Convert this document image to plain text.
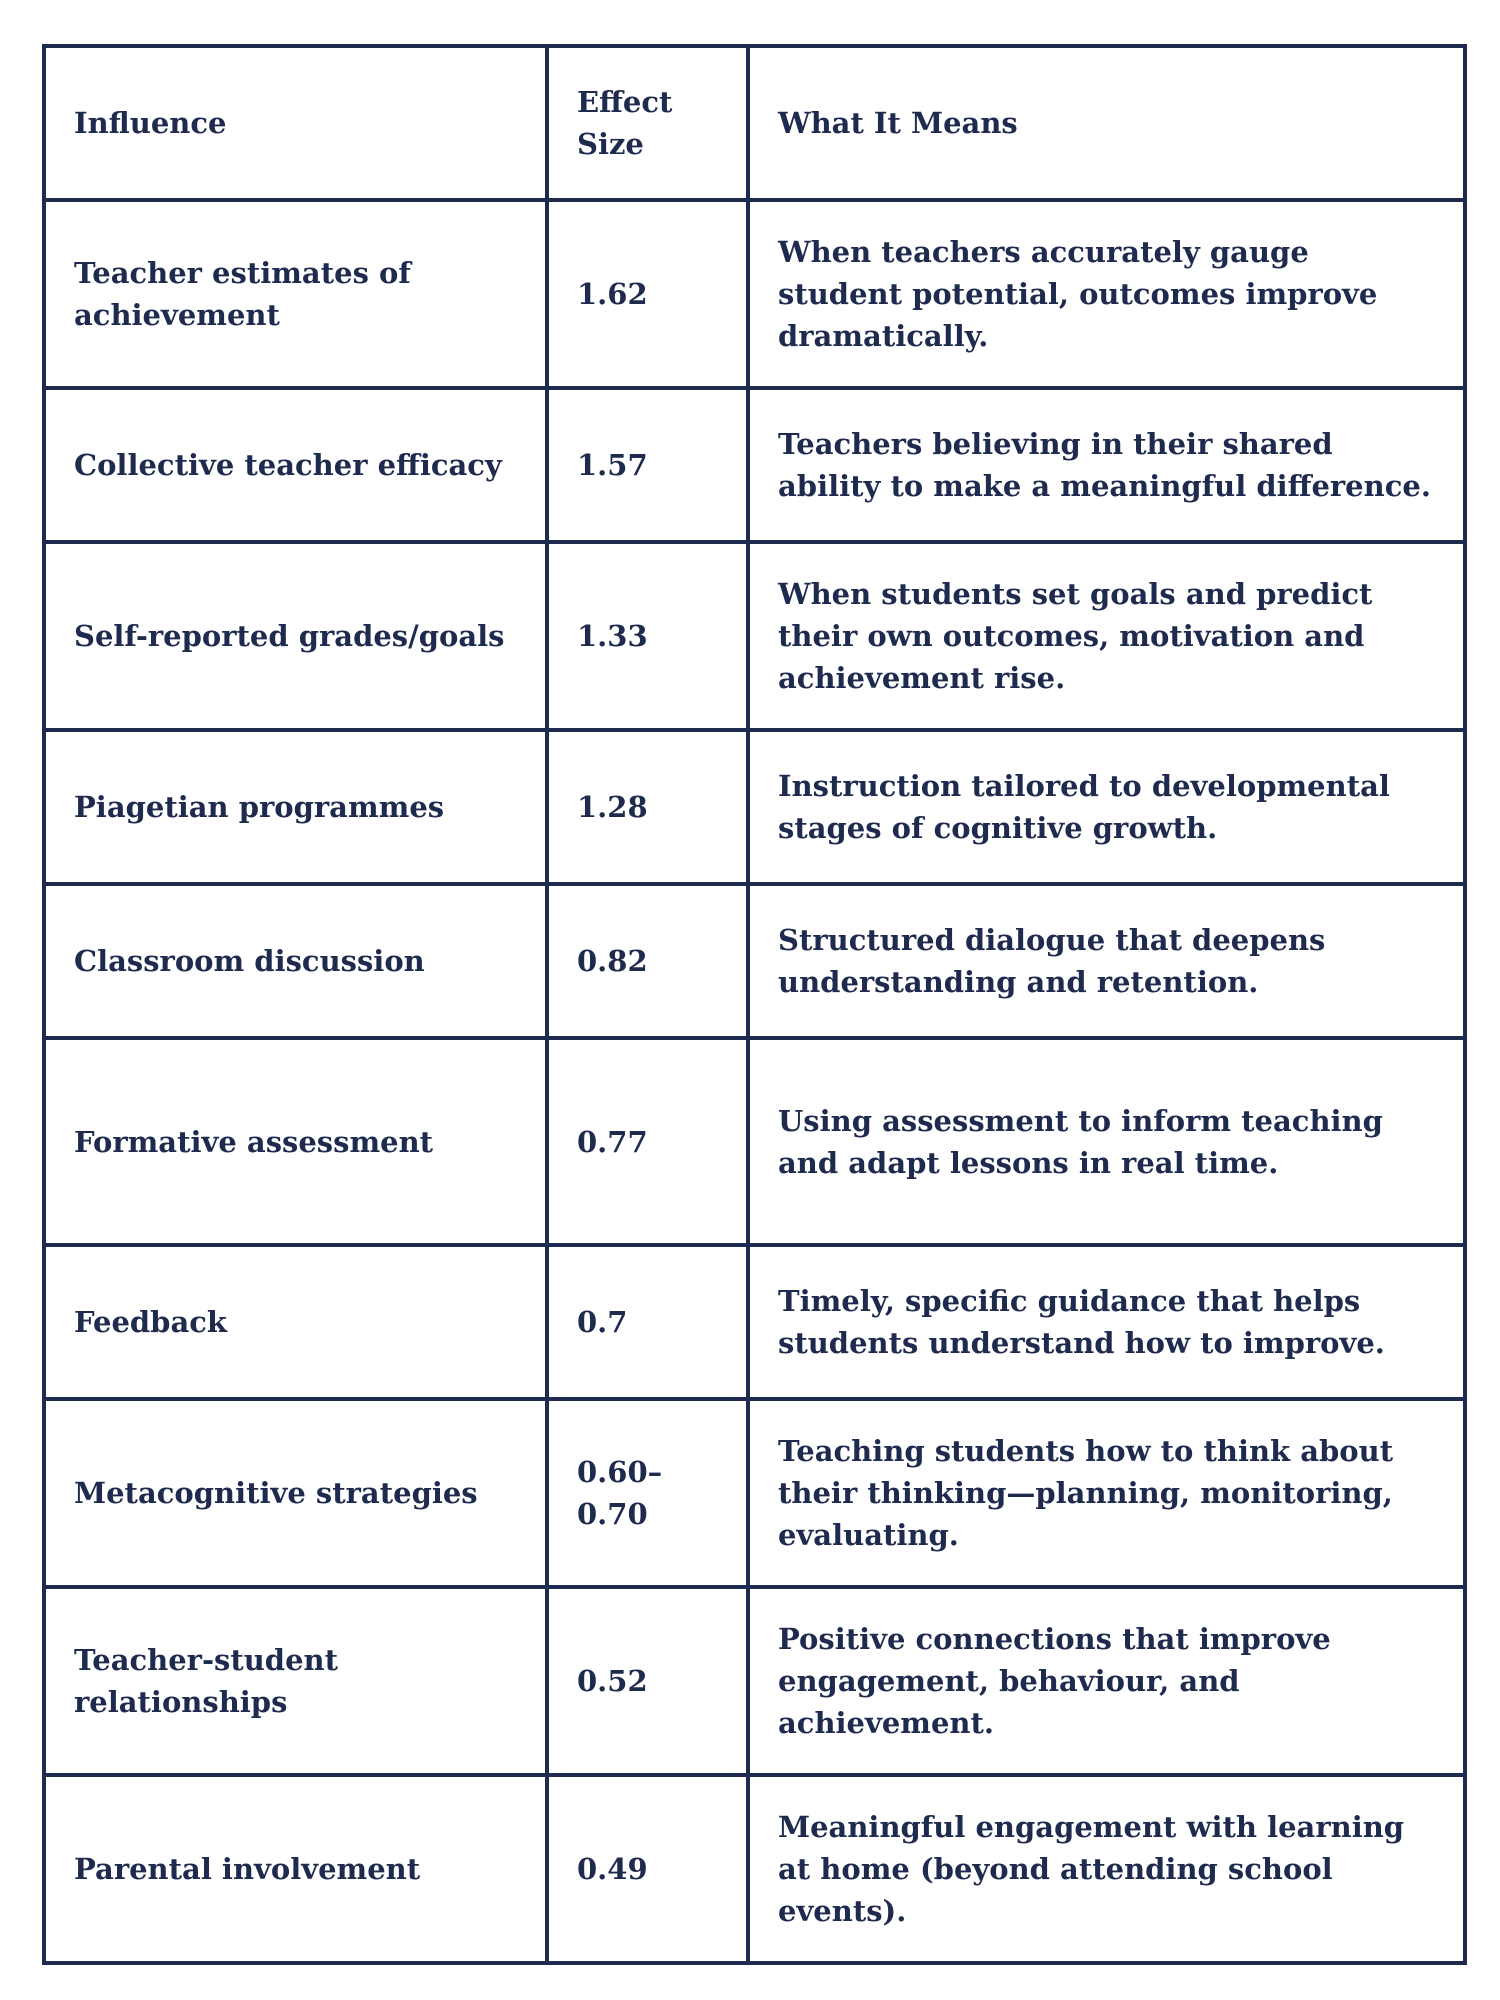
Influence	Effect Size	What It Means
Teacher estimates of achievement	1.62	When teachers accurately gauge student potential, outcomes improve dramatically.
Collective teacher efficacy	1.57	Teachers believing in their shared ability to make a meaningful difference.
Self-reported grades/goals	1.33	When students set goals and predict their own outcomes, motivation and achievement rise.
Piagetian programmes	1.28	Instruction tailored to developmental stages of cognitive growth.
Classroom discussion	0.82	Structured dialogue that deepens understanding and retention.
Formative assessment	0.77	Using assessment to inform teaching and adapt lessons in real time.
Feedback	0.7	Timely, specific guidance that helps students understand how to improve.
Metacognitive strategies	0.60–0.70	Teaching students how to think about their thinking—planning, monitoring, evaluating.
Teacher-student relationships	0.52	Positive connections that improve engagement, behaviour, and achievement.
Parental involvement	0.49	Meaningful engagement with learning at home (beyond attending school events).
